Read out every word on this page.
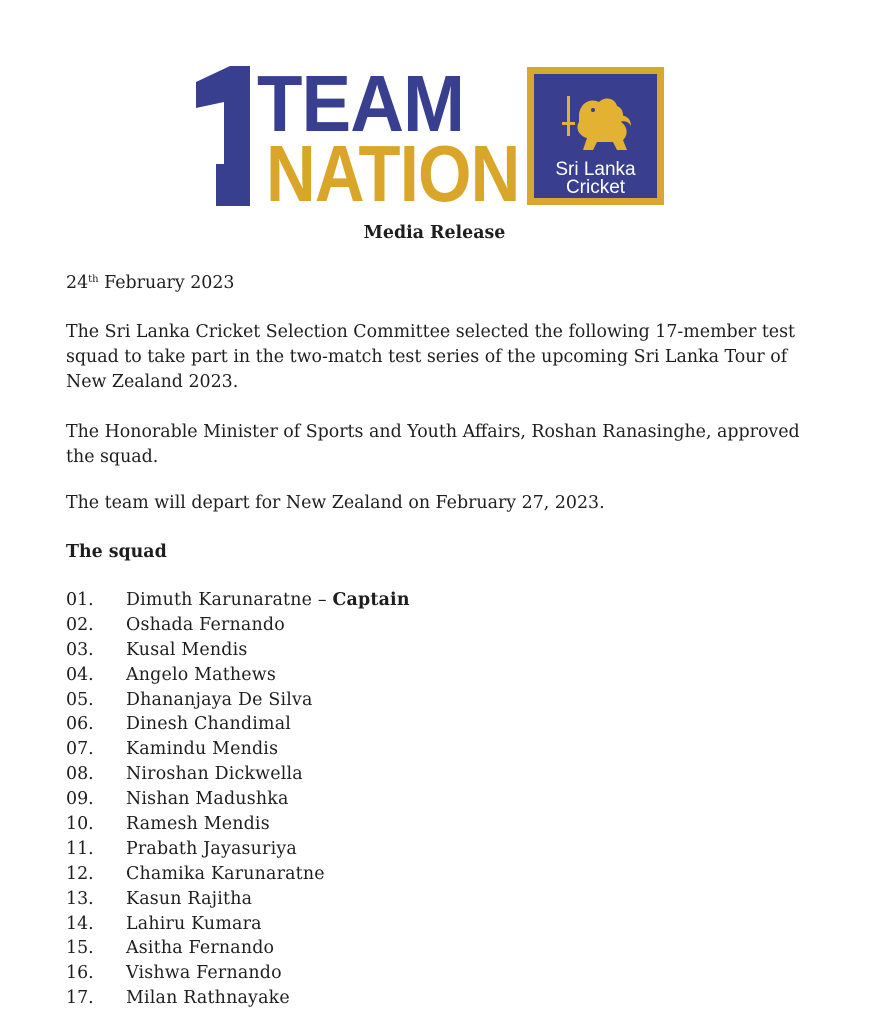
TEAM
NATION	Sri Lanka
Cricket
Media Release
24th February 2023
The Sri Lanka Cricket Selection Committee selected the following 17-member test
squad to take part in the two-match test series of the upcoming Sri Lanka Tour of
New Zealand 2023.
The Honorable Minister of Sports and Youth Affairs, Roshan Ranasinghe, approved
the squad.
The team will depart for New Zealand on February 27, 2023.
The squad
01. Dimuth Karunaratne – Captain
02. Oshada Fernando
03. Kusal Mendis
04. Angelo Mathews
05. Dhananjaya De Silva
06. Dinesh Chandimal
07. Kamindu Mendis
08. Niroshan Dickwella
09. Nishan Madushka
10. Ramesh Mendis
11. Prabath Jayasuriya
12. Chamika Karunaratne
13. Kasun Rajitha
14. Lahiru Kumara
15. Asitha Fernando
16. Vishwa Fernando
17. Milan Rathnayake
